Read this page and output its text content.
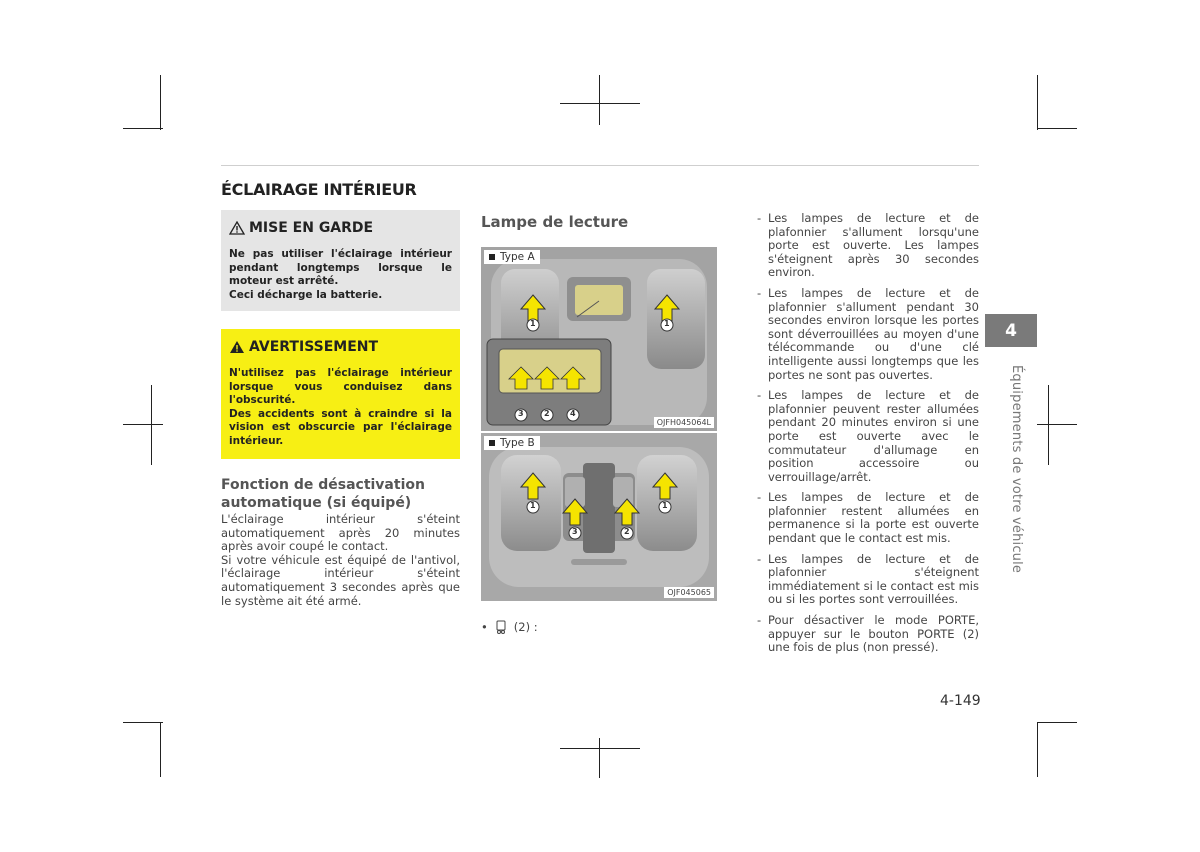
ÉCLAIRAGE INTÉRIEUR
MISE EN GARDE

Ne pas utiliser l'éclairage intérieur pendant longtemps lorsque le moteur est arrêté.

Ceci décharge la batterie.

AVERTISSEMENT

N'utilisez pas l'éclairage intérieur lorsque vous conduisez dans l'obscurité.

Des accidents sont à craindre si la vision est obscurcie par l'éclairage intérieur.

Fonction de désactivation
automatique (si équipé)

L'éclairage intérieur s'éteint automatiquement après 20 minutes après avoir coupé le contact.

Si votre véhicule est équipé de l'antivol, l'éclairage intérieur s'éteint automatiquement 3 secondes après que le système ait été armé.

Lampe de lecture
1	1
3	2	4
Type A
OJFH045064L
1	1
3	2
Type B
OJF045065
• (2) :
- Les lampes de lecture et de plafonnier s'allument lorsqu'une porte est ouverte. Les lampes s'éteignent après 30 secondes environ.
- Les lampes de lecture et de plafonnier s'allument pendant 30 secondes environ lorsque les portes sont déverrouillées au moyen d'une télécommande ou d'une clé intelligente aussi longtemps que les portes ne sont pas ouvertes.
- Les lampes de lecture et de plafonnier peuvent rester allumées pendant 20 minutes environ si une porte est ouverte avec le commutateur d'allumage en position accessoire ou verrouillage/arrêt.
- Les lampes de lecture et de plafonnier restent allumées en permanence si la porte est ouverte pendant que le contact est mis.
- Les lampes de lecture et de plafonnier s'éteignent immédiatement si le contact est mis ou si les portes sont verrouillées.
- Pour désactiver le mode PORTE, appuyer sur le bouton PORTE (2) une fois de plus (non pressé).
4
Équipements de votre véhicule
4-149
